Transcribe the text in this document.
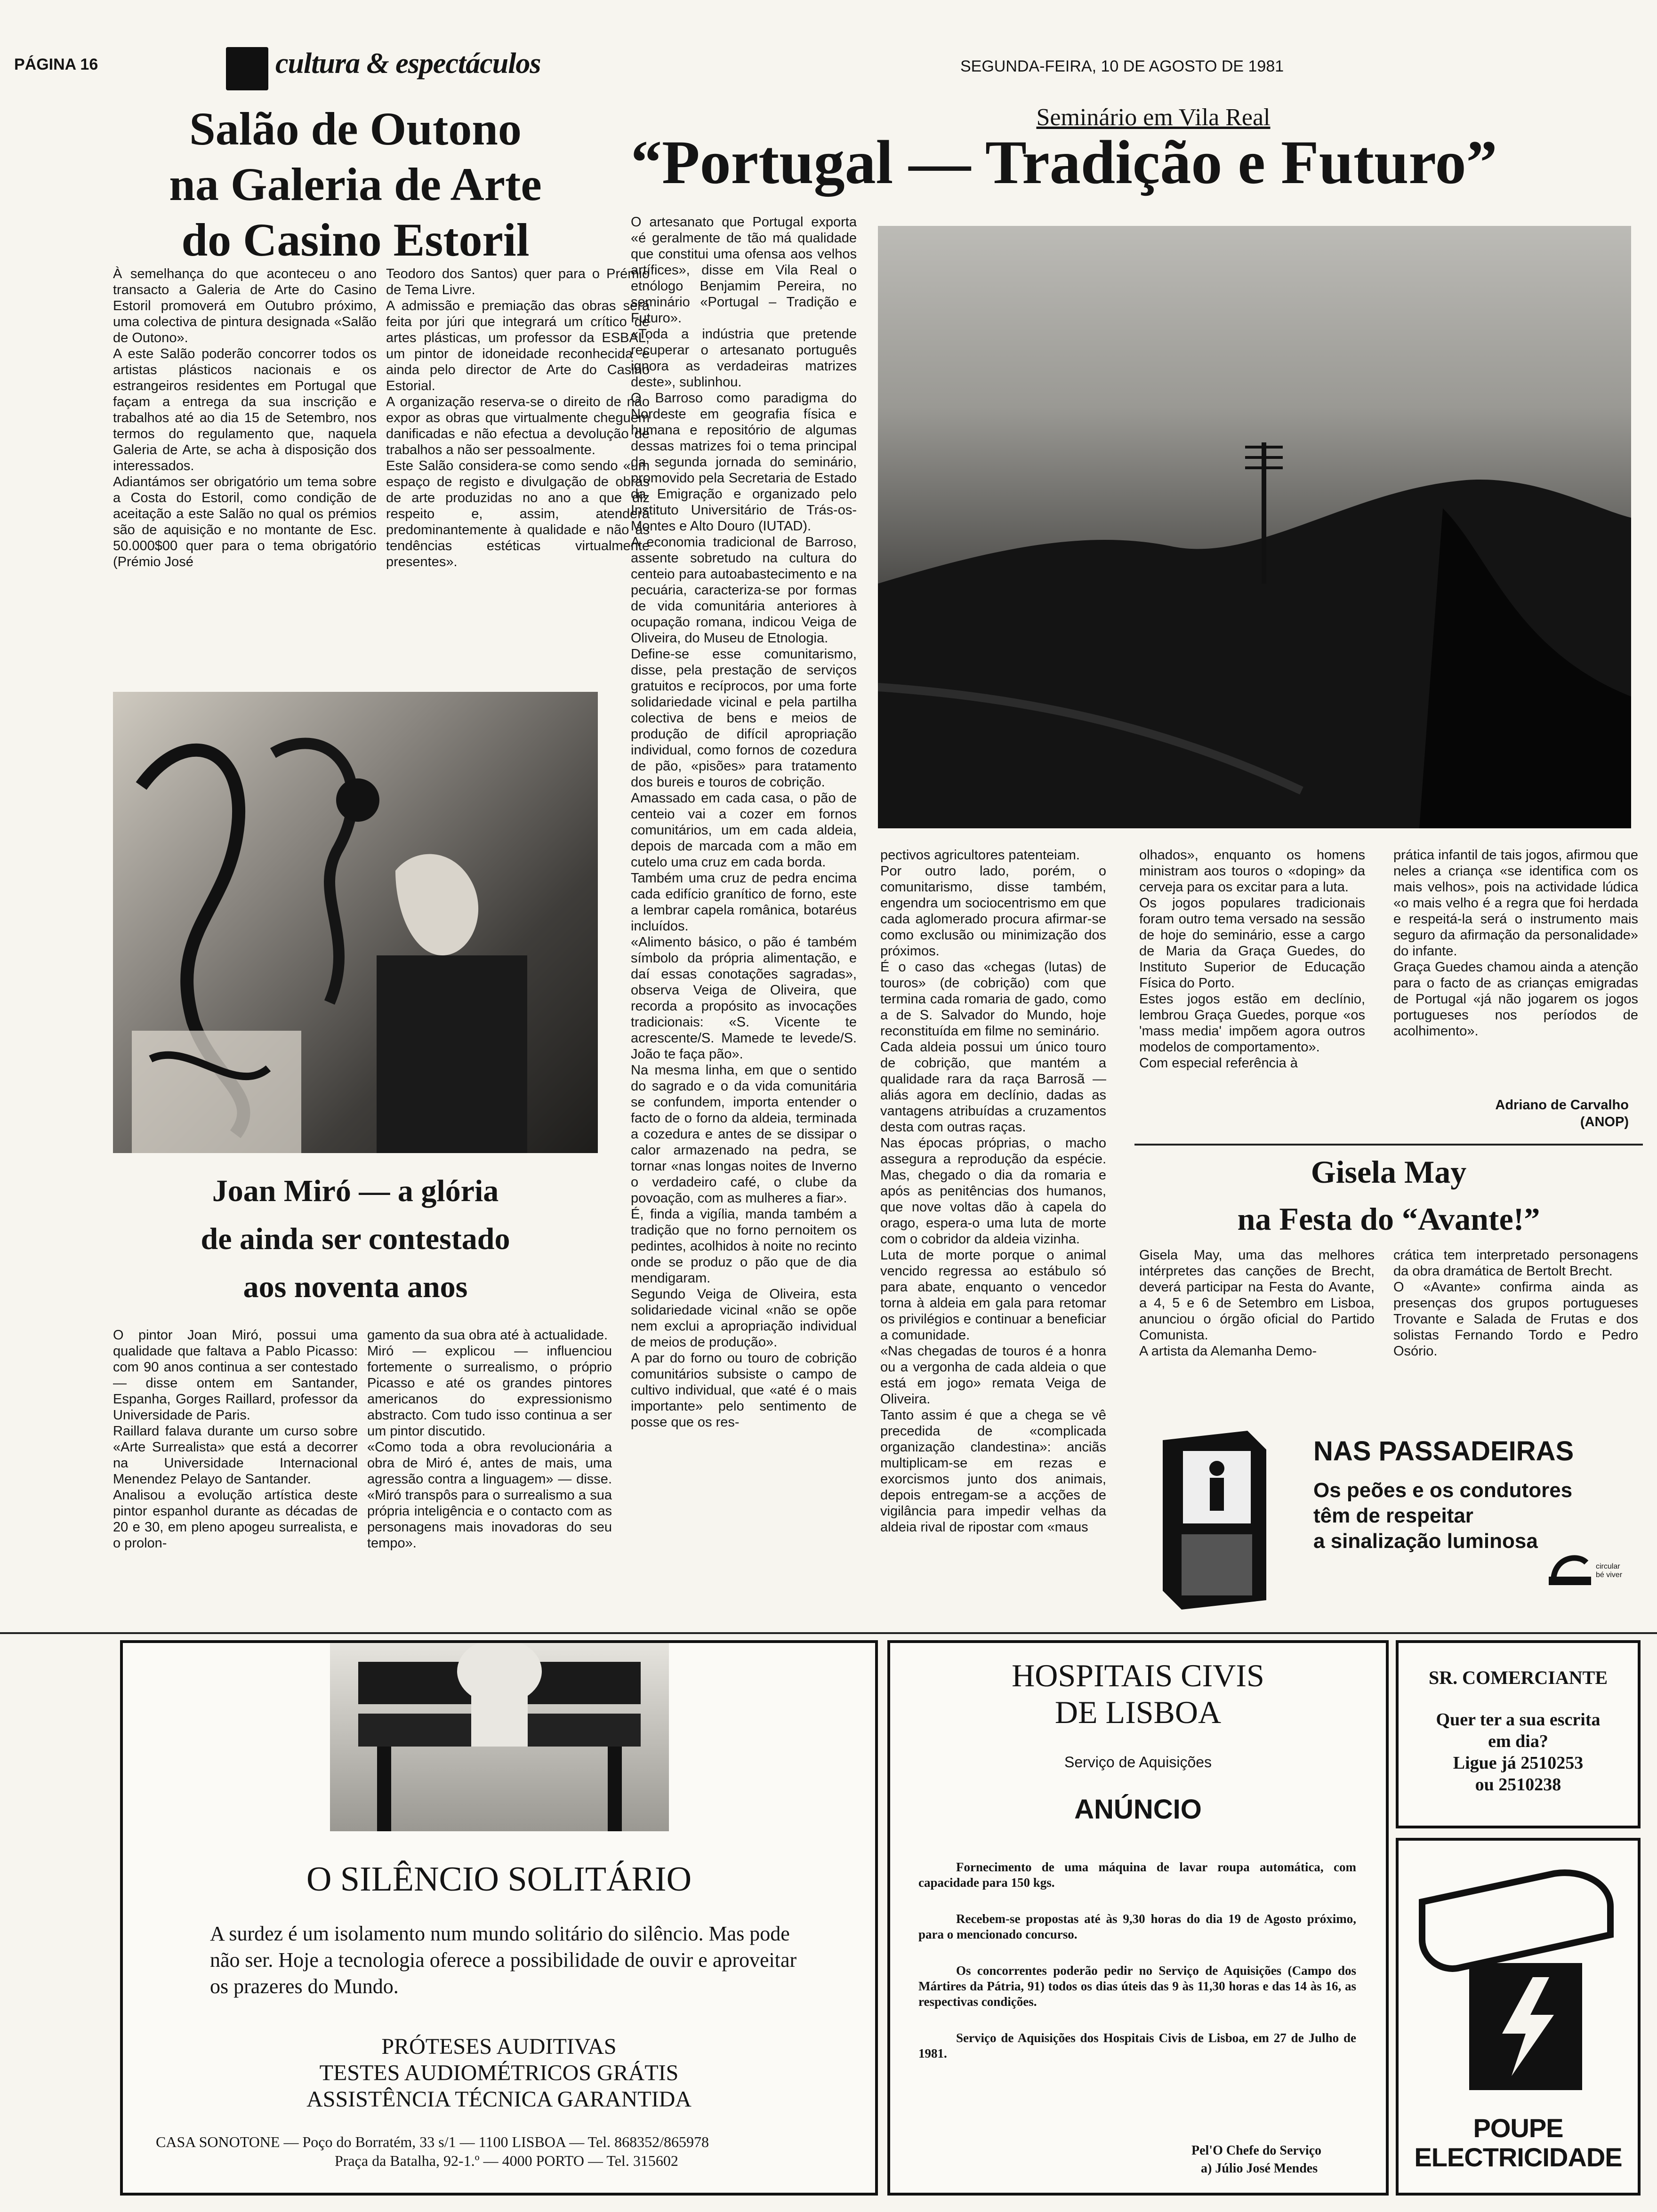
PÁGINA 16	cultura & espectáculos	SEGUNDA-FEIRA, 10 DE AGOSTO DE 1981
Salão de Outono
na Galeria de Arte
do Casino Estoril

À semelhança do que aconteceu o ano transacto a Galeria de Arte do Casino Estoril promoverá em Outubro próximo, uma colectiva de pintura designada «Salão de Outono».
A este Salão poderão concorrer todos os artistas plásticos nacionais e os estrangeiros residentes em Portugal que façam a entrega da sua inscrição e trabalhos até ao dia 15 de Setembro, nos termos do regulamento que, naquela Galeria de Arte, se acha à disposição dos interessados.
Adiantámos ser obrigatório um tema sobre a Costa do Estoril, como condição de aceitação a este Salão no qual os prémios são de aquisição e no montante de Esc. 50.000$00 quer para o tema obrigatório (Prémio José

Teodoro dos Santos) quer para o Prémio de Tema Livre.
A admissão e premiação das obras será feita por júri que integrará um crítico de artes plásticas, um professor da ESBAL, um pintor de idoneidade reconhecida e ainda pelo director de Arte do Casino Estorial.
A organização reserva-se o direito de não expor as obras que virtualmente cheguem danificadas e não efectua a devolução de trabalhos a não ser pessoalmente.
Este Salão considera-se como sendo «um espaço de registo e divulgação de obras de arte produzidas no ano a que diz respeito e, assim, atenderá predominantemente à qualidade e não às tendências estéticas virtualmente presentes».

Joan Miró — a glória
de ainda ser contestado
aos noventa anos

O pintor Joan Miró, possui uma qualidade que faltava a Pablo Picasso: com 90 anos continua a ser contestado — disse ontem em Santander, Espanha, Gorges Raillard, professor da Universidade de Paris.
Raillard falava durante um curso sobre «Arte Surrealista» que está a decorrer na Universidade Internacional Menendez Pelayo de Santander.
Analisou a evolução artística deste pintor espanhol durante as décadas de 20 e 30, em pleno apogeu surrealista, e o prolon-

gamento da sua obra até à actualidade.
Miró — explicou — influenciou fortemente o surrealismo, o próprio Picasso e até os grandes pintores americanos do expressionismo abstracto. Com tudo isso continua a ser um pintor discutido.
«Como toda a obra revolucionária a obra de Miró é, antes de mais, uma agressão contra a linguagem» — disse. «Miró transpôs para o surrealismo a sua própria inteligência e o contacto com as personagens mais inovadoras do seu tempo».

Seminário em Vila Real
“Portugal — Tradição e Futuro”

O artesanato que Portugal exporta «é geralmente de tão má qualidade que constitui uma ofensa aos velhos artífices», disse em Vila Real o etnólogo Benjamim Pereira, no seminário «Portugal – Tradição e Futuro».
«Toda a indústria que pretende recuperar o artesanato português ignora as verdadeiras matrizes deste», sublinhou.
O Barroso como paradigma do Nordeste em geografia física e humana e repositório de algumas dessas matrizes foi o tema principal da segunda jornada do seminário, promovido pela Secretaria de Estado da Emigração e organizado pelo Instituto Universitário de Trás-os-Montes e Alto Douro (IUTAD).
A economia tradicional de Barroso, assente sobretudo na cultura do centeio para autoabastecimento e na pecuária, caracteriza-se por formas de vida comunitária anteriores à ocupação romana, indicou Veiga de Oliveira, do Museu de Etnologia.
Define-se esse comunitarismo, disse, pela prestação de serviços gratuitos e recíprocos, por uma forte solidariedade vicinal e pela partilha colectiva de bens e meios de produção de difícil apropriação individual, como fornos de cozedura de pão, «pisões» para tratamento dos bureis e touros de cobrição.
Amassado em cada casa, o pão de centeio vai a cozer em fornos comunitários, um em cada aldeia, depois de marcada com a mão em cutelo uma cruz em cada borda.
Também uma cruz de pedra encima cada edifício granítico de forno, este a lembrar capela românica, botaréus incluídos.
«Alimento básico, o pão é também símbolo da própria alimentação, e daí essas conotações sagradas», observa Veiga de Oliveira, que recorda a propósito as invocações tradicionais: «S. Vicente te acrescente/S. Mamede te levede/S. João te faça pão».
Na mesma linha, em que o sentido do sagrado e o da vida comunitária se confundem, importa entender o facto de o forno da aldeia, terminada a cozedura e antes de se dissipar o calor armazenado na pedra, se tornar «nas longas noites de Inverno o verdadeiro café, o clube da povoação, com as mulheres a fiar».
É, finda a vigília, manda também a tradição que no forno pernoitem os pedintes, acolhidos à noite no recinto onde se produz o pão que de dia mendigaram.
Segundo Veiga de Oliveira, esta solidariedade vicinal «não se opõe nem exclui a apropriação individual de meios de produção».
A par do forno ou touro de cobrição comunitários subsiste o campo de cultivo individual, que «até é o mais importante» pelo sentimento de posse que os res-

pectivos agricultores patenteiam.
Por outro lado, porém, o comunitarismo, disse também, engendra um sociocentrismo em que cada aglomerado procura afirmar-se como exclusão ou minimização dos próximos.
É o caso das «chegas (lutas) de touros» (de cobrição) com que termina cada romaria de gado, como a de S. Salvador do Mundo, hoje reconstituída em filme no seminário.
Cada aldeia possui um único touro de cobrição, que mantém a qualidade rara da raça Barrosã — aliás agora em declínio, dadas as vantagens atribuídas a cruzamentos desta com outras raças.
Nas épocas próprias, o macho assegura a reprodução da espécie. Mas, chegado o dia da romaria e após as penitências dos humanos, que nove voltas dão à capela do orago, espera-o uma luta de morte com o cobridor da aldeia vizinha.
Luta de morte porque o animal vencido regressa ao estábulo só para abate, enquanto o vencedor torna à aldeia em gala para retomar os privilégios e continuar a beneficiar a comunidade.
«Nas chegadas de touros é a honra ou a vergonha de cada aldeia o que está em jogo» remata Veiga de Oliveira.
Tanto assim é que a chega se vê precedida de «complicada organização clandestina»: anciãs multiplicam-se em rezas e exorcismos junto dos animais, depois entregam-se a acções de vigilância para impedir velhas da aldeia rival de ripostar com «maus

olhados», enquanto os homens ministram aos touros o «doping» da cerveja para os excitar para a luta.
Os jogos populares tradicionais foram outro tema versado na sessão de hoje do seminário, esse a cargo de Maria da Graça Guedes, do Instituto Superior de Educação Física do Porto.
Estes jogos estão em declínio, lembrou Graça Guedes, porque «os 'mass media' impõem agora outros modelos de comportamento».
Com especial referência à

prática infantil de tais jogos, afirmou que neles a criança «se identifica com os mais velhos», pois na actividade lúdica «o mais velho é a regra que foi herdada e respeitá-la será o instrumento mais seguro da afirmação da personalidade» do infante.
Graça Guedes chamou ainda a atenção para o facto de as crianças emigradas de Portugal «já não jogarem os jogos portugueses nos períodos de acolhimento».

Adriano de Carvalho
(ANOP)
Gisela May
na Festa do “Avante!”

Gisela May, uma das melhores intérpretes das canções de Brecht, deverá participar na Festa do Avante, a 4, 5 e 6 de Setembro em Lisboa, anunciou o órgão oficial do Partido Comunista.
A artista da Alemanha Demo-

crática tem interpretado personagens da obra dramática de Bertolt Brecht.
O «Avante» confirma ainda as presenças dos grupos portugueses Trovante e Salada de Frutas e dos solistas Fernando Tordo e Pedro Osório.

NAS PASSADEIRAS
Os peões e os condutores
têm de respeitar
a sinalização luminosa
circular
bé viver
O SILÊNCIO SOLITÁRIO
A surdez é um isolamento num mundo solitário do silêncio. Mas pode não ser. Hoje a tecnologia oferece a possibilidade de ouvir e aproveitar os prazeres do Mundo.
PRÓTESES AUDITIVAS
TESTES AUDIOMÉTRICOS GRÁTIS
ASSISTÊNCIA TÉCNICA GARANTIDA
CASA SONOTONE — Poço do Borratém, 33 s/1 — 1100 LISBOA — Tel. 868352/865978
Praça da Batalha, 92-1.º — 4000 PORTO — Tel. 315602
HOSPITAIS CIVIS
DE LISBOA
Serviço de Aquisições
ANÚNCIO

Fornecimento de uma máquina de lavar roupa automática, com capacidade para 150 kgs.

Recebem-se propostas até às 9,30 horas do dia 19 de Agosto próximo, para o mencionado concurso.

Os concorrentes poderão pedir no Serviço de Aquisições (Campo dos Mártires da Pátria, 91) todos os dias úteis das 9 às 11,30 horas e das 14 às 16, as respectivas condições.

Serviço de Aquisições dos Hospitais Civis de Lisboa, em 27 de Julho de 1981.

Pel'O Chefe do Serviço
a) Júlio José Mendes
SR. COMERCIANTE
Quer ter a sua escrita
em dia?
Ligue já 2510253
ou 2510238
POUPE
ELECTRICIDADE
